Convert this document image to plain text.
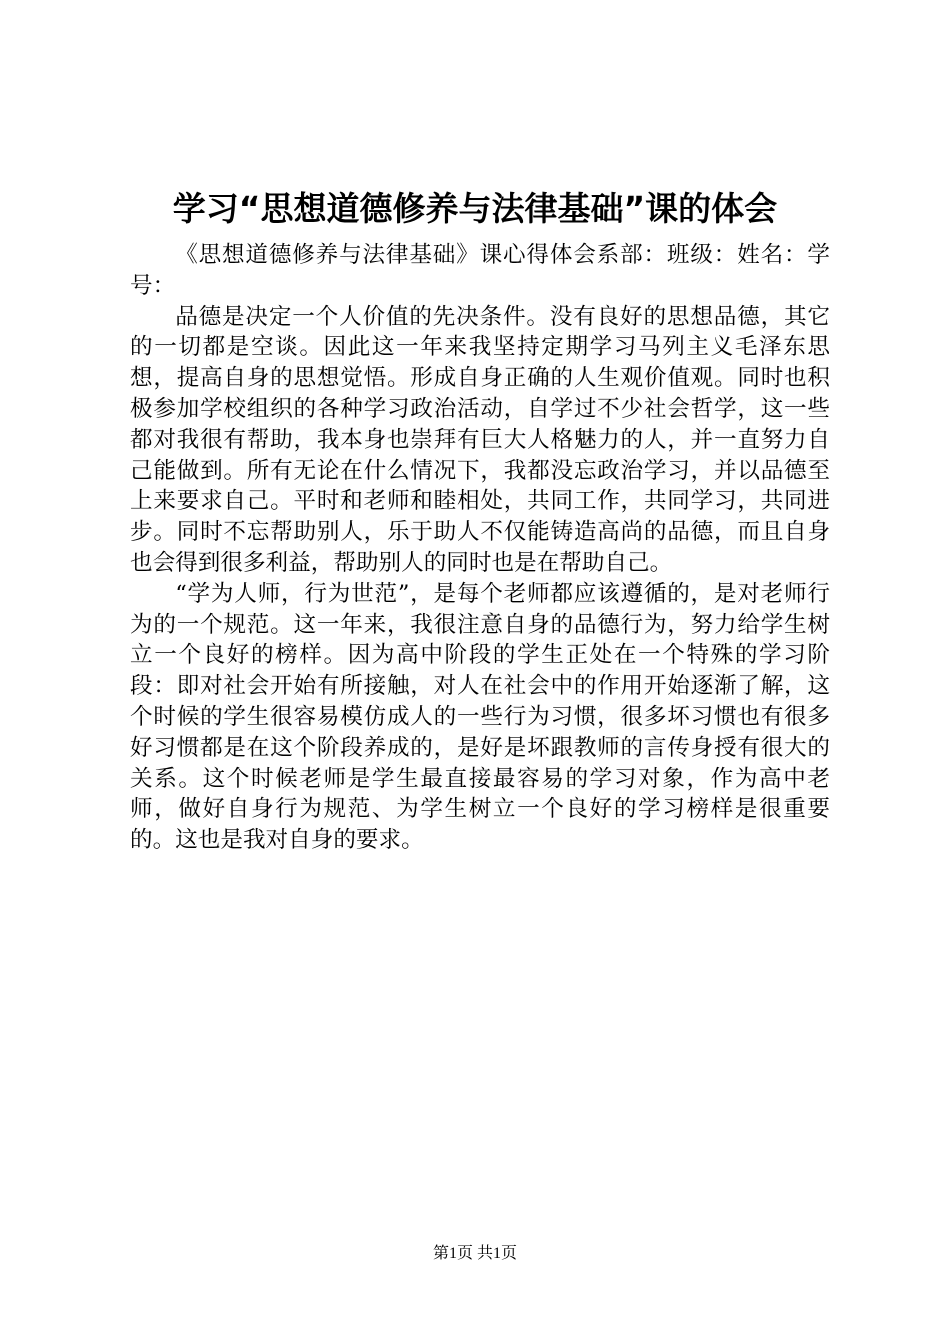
学习“思想道德修养与法律基础”课的体会

《思想道德修养与法律基础》课心得体会系部：班级：姓名：学号：

品德是决定一个人价值的先决条件。没有良好的思想品德，其它的一切都是空谈。因此这一年来我坚持定期学习马列主义毛泽东思想，提高自身的思想觉悟。形成自身正确的人生观价值观。同时也积极参加学校组织的各种学习政治活动，自学过不少社会哲学，这一些都对我很有帮助，我本身也崇拜有巨大人格魅力的人，并一直努力自己能做到。所有无论在什么情况下，我都没忘政治学习，并以品德至上来要求自己。平时和老师和睦相处，共同工作，共同学习，共同进步。同时不忘帮助别人，乐于助人不仅能铸造高尚的品德，而且自身也会得到很多利益，帮助别人的同时也是在帮助自己。

“学为人师，行为世范”，是每个老师都应该遵循的，是对老师行为的一个规范。这一年来，我很注意自身的品德行为，努力给学生树立一个良好的榜样。因为高中阶段的学生正处在一个特殊的学习阶段：即对社会开始有所接触，对人在社会中的作用开始逐渐了解，这个时候的学生很容易模仿成人的一些行为习惯，很多坏习惯也有很多好习惯都是在这个阶段养成的，是好是坏跟教师的言传身授有很大的关系。这个时候老师是学生最直接最容易的学习对象，作为高中老师，做好自身行为规范、为学生树立一个良好的学习榜样是很重要的。这也是我对自身的要求。

第1页 共1页
